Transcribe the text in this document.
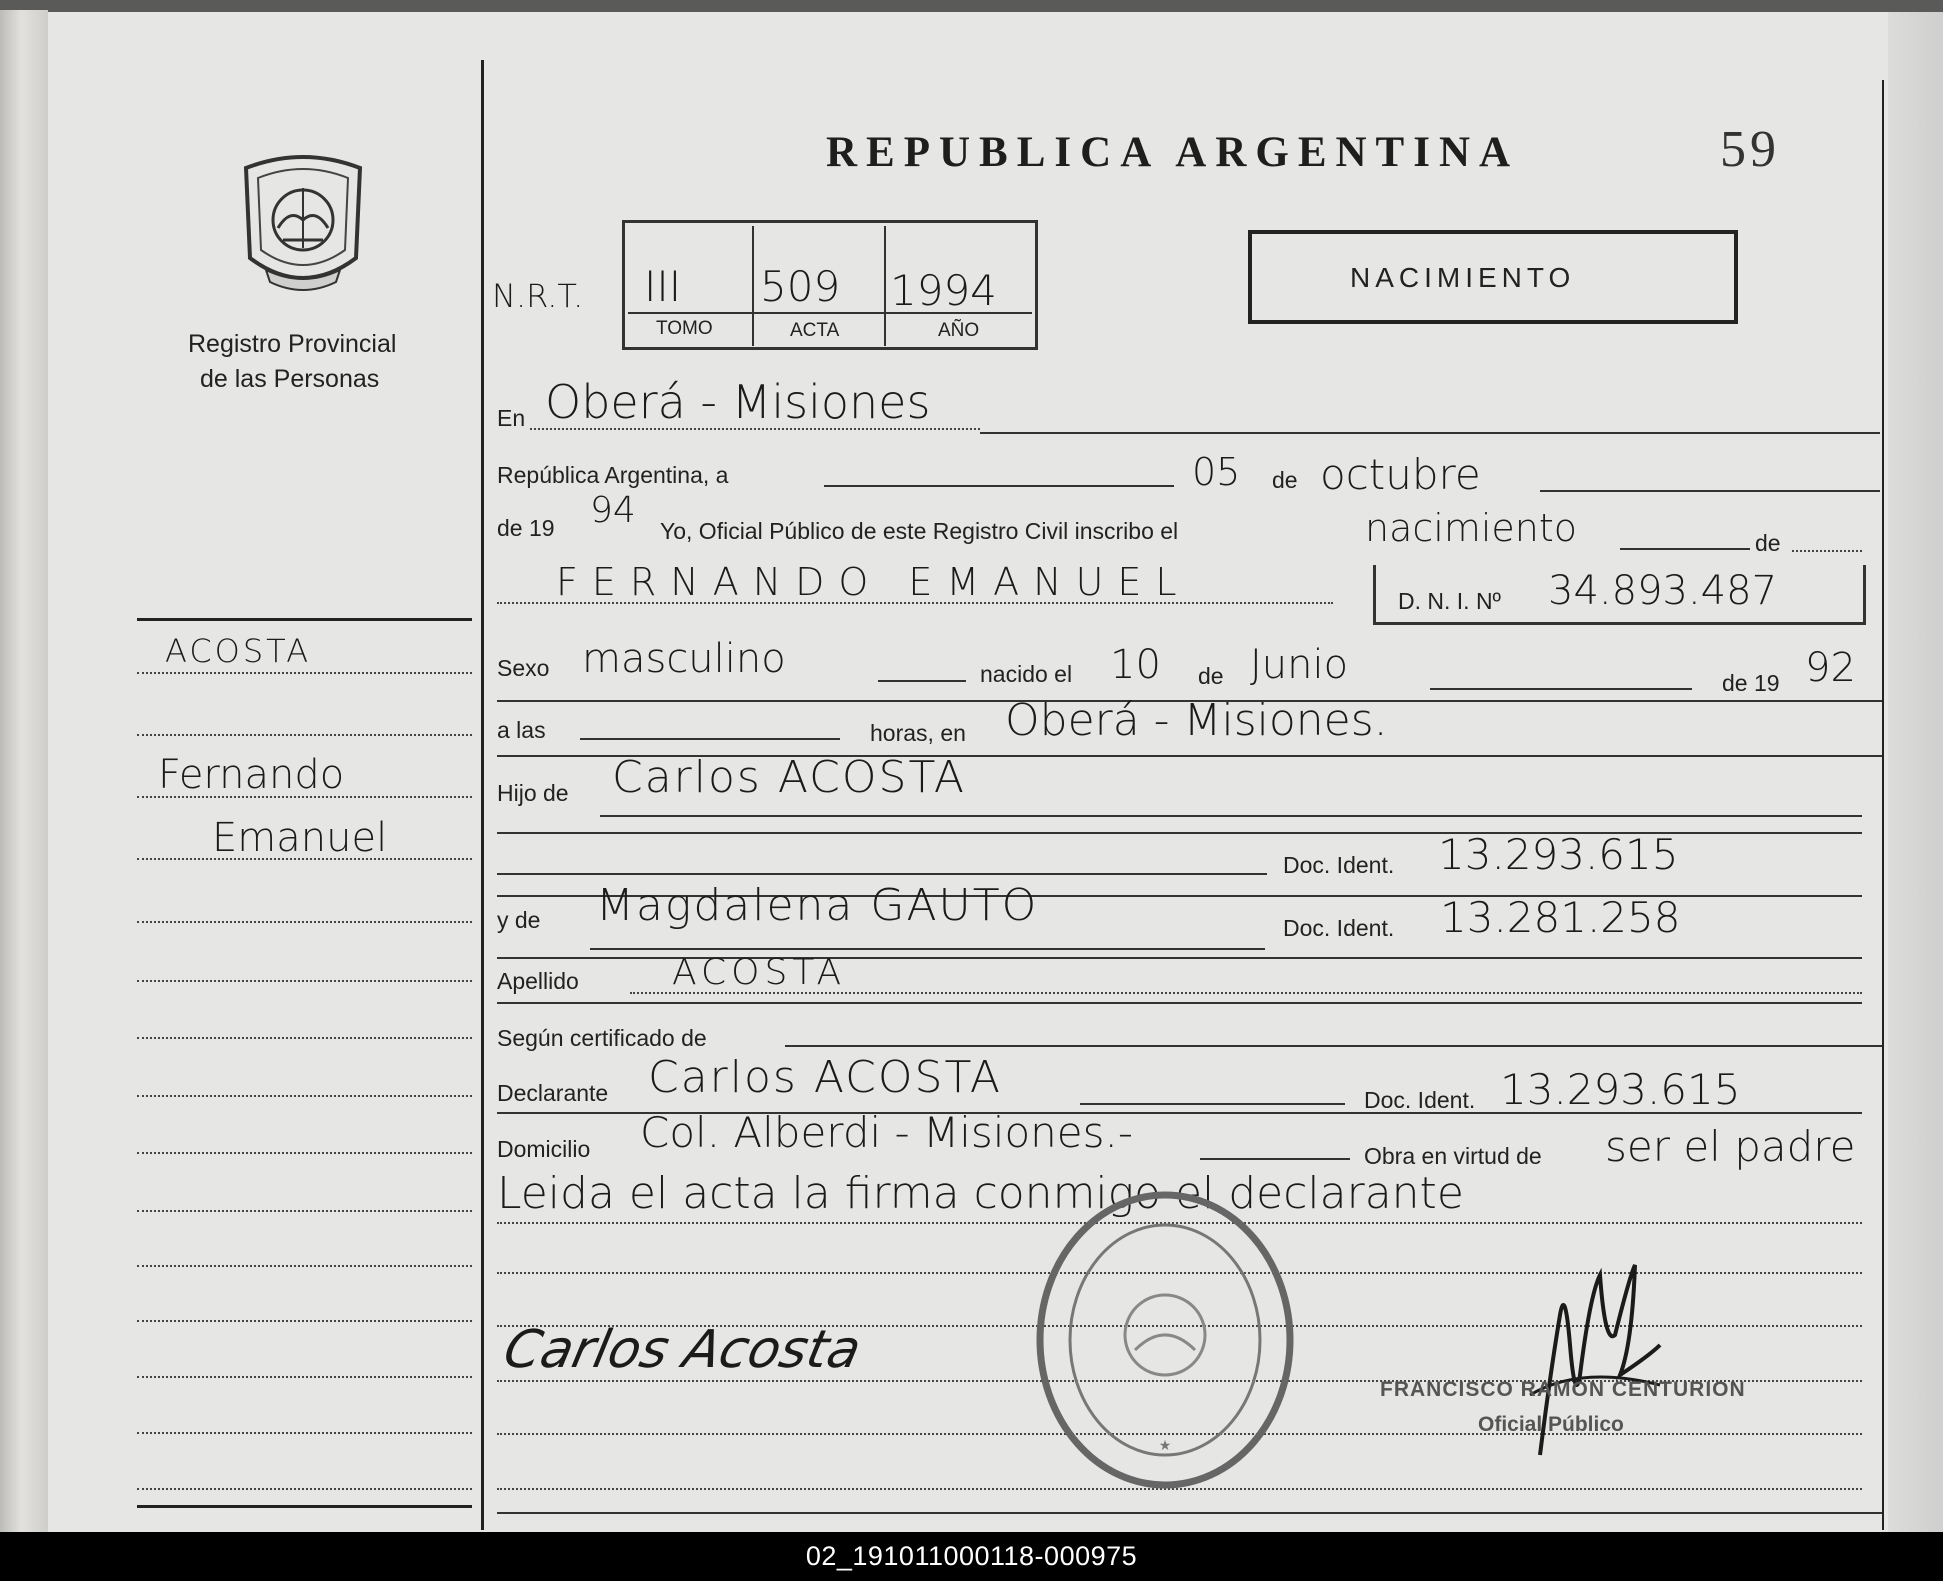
Registro Provincial
de las Personas
REPUBLICA ARGENTINA	59
NACIMIENTO
N.R.T. III 509 1994
TOMO	ACTA	AÑO
ACOSTA
Fernando
Emanuel
En Oberá - Misiones
República Argentina, a	05 de octubre
de 19 94 Yo, Oficial Público de este Registro Civil inscribo el	nacimiento	de
FERNANDO EMANUEL	D. N. I. Nº 34.893.487
Sexo masculino	nacido el 10 de Junio	de 19 92
a las	horas, en Oberá - Misiones.
Hijo de Carlos ACOSTA
Doc. Ident. 13.293.615
y de Magdalena GAUTO	Doc. Ident. 13.281.258
Apellido	ACOSTA
Según certificado de
Declarante Carlos ACOSTA	Doc. Ident. 13.293.615
Domicilio Col. Alberdi - Misiones.-	Obra en virtud de ser el padre
Leida el acta la firma conmigo el declarante
Carlos Acosta
★
FRANCISCO RAMON CENTURION
Oficial Público
02_191011000118-000975
